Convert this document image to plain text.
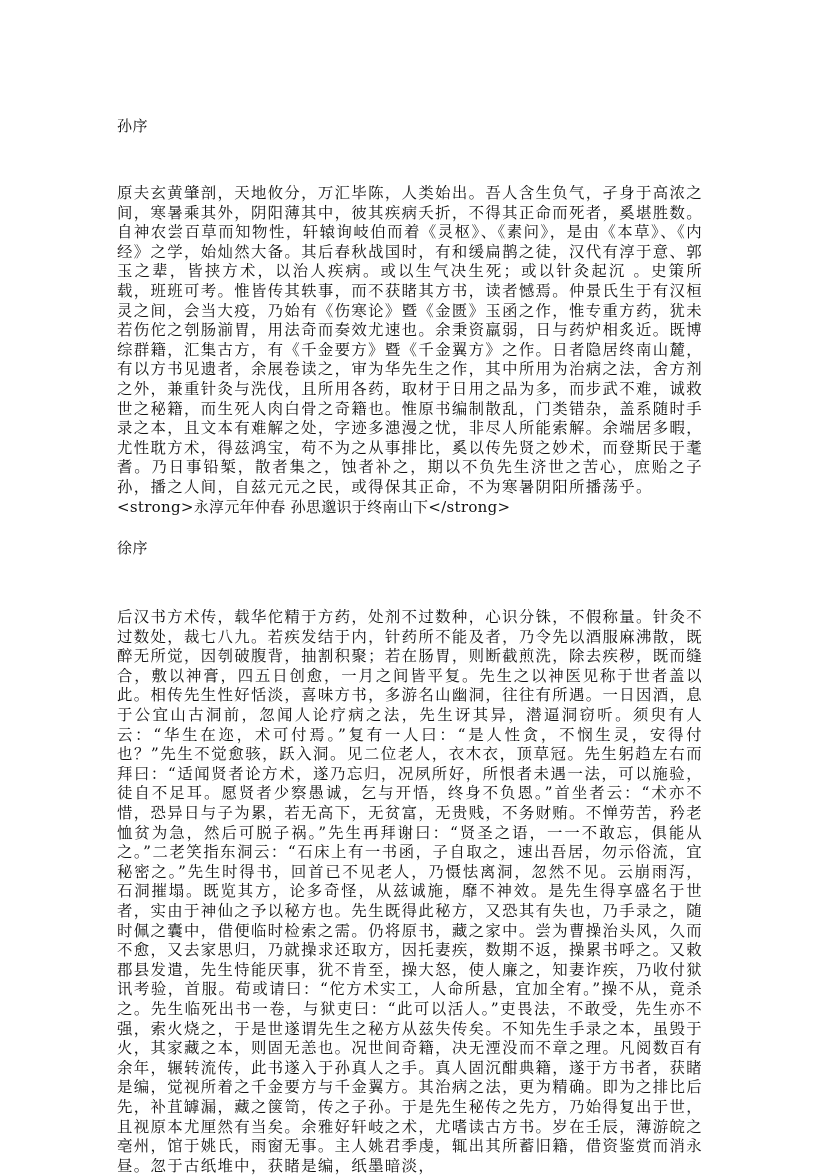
孙序

原夫玄黄肇剖，天地攸分，万汇毕陈，人类始出。吾人含生负气，孑身于高浓之间，寒暑乘其外，阴阳薄其中，彼其疾病夭折，不得其正命而死者，奚堪胜数。自神农尝百草而知物性，轩辕询岐伯而着《灵枢》、《素问》，是由《本草》、《内经》之学，始灿然大备。其后春秋战国时，有和缓扁鹊之徒，汉代有淳于意、郭玉之辈，皆挟方术，以治人疾病。或以生气决生死；或以针灸起沉 。史策所载，班班可考。惟皆传其轶事，而不获睹其方书，读者憾焉。仲景氏生于有汉桓灵之间，会当大疫，乃始有《伤寒论》暨《金匮》玉函之作，惟专重方药，犹未若伤佗之刳肠湔胃，用法奇而奏效尤速也。余秉资羸弱，日与药炉相炙近。既博综群籍，汇集古方，有《千金要方》暨《千金翼方》之作。日者隐居终南山麓，有以方书见遗者，余展卷读之，审为华先生之作，其中所用为治病之法，舍方剂之外，兼重针灸与洗伐，且所用各药，取材于日用之品为多，而步武不难，诚救世之秘籍，而生死人肉白骨之奇籍也。惟原书编制散乱，门类错杂，盖系随时手录之本，且文本有难解之处，字迹多漶漫之忧，非尽人所能索解。余端居多暇，尤性耽方术，得兹鸿宝，苟不为之从事排比，奚以传先贤之妙术，而登斯民于耄耆。乃日事铅椠，散者集之，蚀者补之，期以不负先生济世之苦心，庶贻之子孙，播之人间，自兹元元之民，或得保其正命，不为寒暑阴阳所播荡乎。

<strong>永淳元年仲春 孙思邈识于终南山下</strong>

徐序

后汉书方术传，载华佗精于方药，处剂不过数种，心识分铢，不假称量。针灸不过数处，裁七八九。若疾发结于内，针药所不能及者，乃令先以酒服麻沸散，既醉无所觉，因刳破腹背，抽割积聚；若在肠胃，则断截煎洗，除去疾秽，既而缝合，敷以神膏，四五日创愈，一月之间皆平复。先生之以神医见称于世者盖以此。相传先生性好恬淡，喜味方书，多游名山幽洞，往往有所遇。一日因酒，息于公宜山古洞前，忽闻人论疗病之法，先生讶其异，潜逼洞窃听。须臾有人云：“华生在迩，术可付焉。”复有一人曰：“是人性贪，不悯生灵，安得付也？”先生不觉愈骇，跃入洞。见二位老人，衣木衣，顶草冠。先生躬趋左右而拜曰：“适闻贤者论方术，遂乃忘归，况夙所好，所恨者未遇一法，可以施验，徒自不足耳。愿贤者少察愚诚，乞与开悟，终身不负恩。”首坐者云：“术亦不惜，恐异日与子为累，若无高下，无贫富，无贵贱，不务财贿。不惮劳苦，矜老恤贫为急，然后可脱子祸。”先生再拜谢曰：“贤圣之语，一一不敢忘，俱能从之。”二老笑指东洞云：“石床上有一书函，子自取之，速出吾居，勿示俗流，宜秘密之。”先生时得书，回首已不见老人，乃慑怯离洞，忽然不见。云崩雨泻，石洞摧塌。既览其方，论多奇怪，从兹诚施，靡不神效。是先生得享盛名于世者，实由于神仙之予以秘方也。先生既得此秘方，又恐其有失也，乃手录之，随时佩之囊中，借便临时检索之需。仍将原书，藏之家中。尝为曹操治头风，久而不愈，又去家思归，乃就操求还取方，因托妻疾，数期不返，操累书呼之。又敕郡县发遣，先生恃能厌事，犹不肯至，操大怒，使人廉之，知妻诈疾，乃收付狱讯考验，首服。荀或请曰：“佗方术实工，人命所悬，宜加全宥。”操不从，竟杀之。先生临死出书一卷，与狱吏曰：“此可以活人。”吏畏法，不敢受，先生亦不强，索火烧之，于是世遂谓先生之秘方从兹失传矣。不知先生手录之本，虽毁于火，其家藏之本，则固无恙也。况世间奇籍，决无湮没而不章之理。凡阅数百有余年，辗转流传，此书遂入于孙真人之手。真人固沉酣典籍，遂于方书者，获睹是编，觉视所着之千金要方与千金翼方。其治病之法，更为精确。即为之排比后先，补苴罅漏，藏之箧笥，传之子孙。于是先生秘传之先方，乃始得复出于世，且视原本尤厘然有当矣。余雅好轩岐之术，尤嗜读古方书。岁在壬辰，薄游皖之亳州，馆于姚氏，雨窗无事。主人姚君季虔，辄出其所蓄旧籍，借资鉴赏而消永昼。忽于古纸堆中，获睹是编，纸墨暗淡，
